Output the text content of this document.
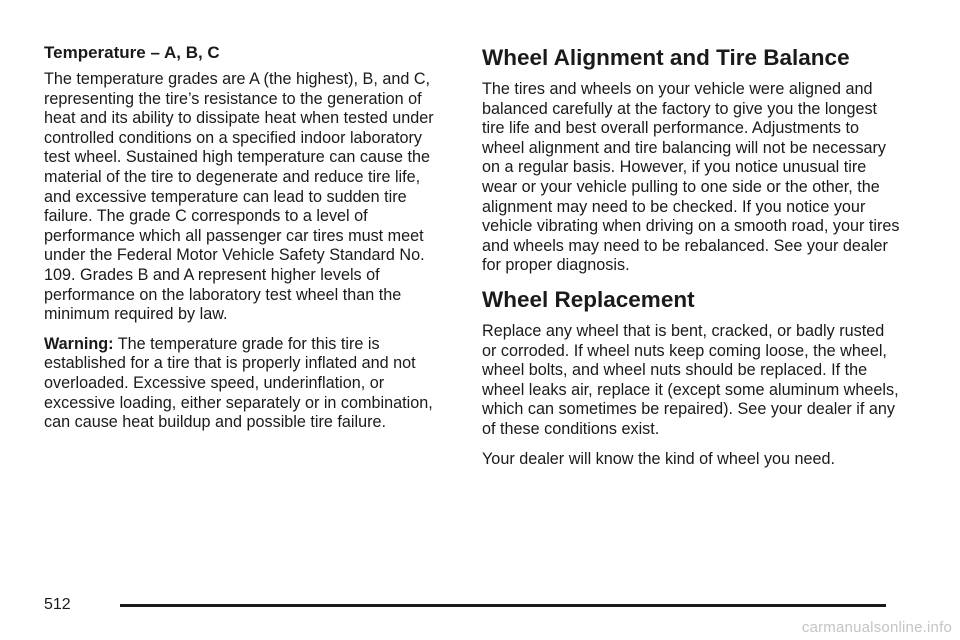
Temperature – A, B, C

The temperature grades are A (the highest), B, and C, representing the tire’s resistance to the generation of heat and its ability to dissipate heat when tested under controlled conditions on a specified indoor laboratory test wheel. Sustained high temperature can cause the material of the tire to degenerate and reduce tire life, and excessive temperature can lead to sudden tire failure. The grade C corresponds to a level of performance which all passenger car tires must meet under the Federal Motor Vehicle Safety Standard No. 109. Grades B and A represent higher levels of performance on the laboratory test wheel than the minimum required by law.

Warning: The temperature grade for this tire is established for a tire that is properly inflated and not overloaded. Excessive speed, underinflation, or excessive loading, either separately or in combination, can cause heat buildup and possible tire failure.

Wheel Alignment and Tire Balance

The tires and wheels on your vehicle were aligned and balanced carefully at the factory to give you the longest tire life and best overall performance. Adjustments to wheel alignment and tire balancing will not be necessary on a regular basis. However, if you notice unusual tire wear or your vehicle pulling to one side or the other, the alignment may need to be checked. If you notice your vehicle vibrating when driving on a smooth road, your tires and wheels may need to be rebalanced. See your dealer for proper diagnosis.

Wheel Replacement

Replace any wheel that is bent, cracked, or badly rusted or corroded. If wheel nuts keep coming loose, the wheel, wheel bolts, and wheel nuts should be replaced. If the wheel leaks air, replace it (except some aluminum wheels, which can sometimes be repaired). See your dealer if any of these conditions exist.

Your dealer will know the kind of wheel you need.

512
carmanualsonline.info
